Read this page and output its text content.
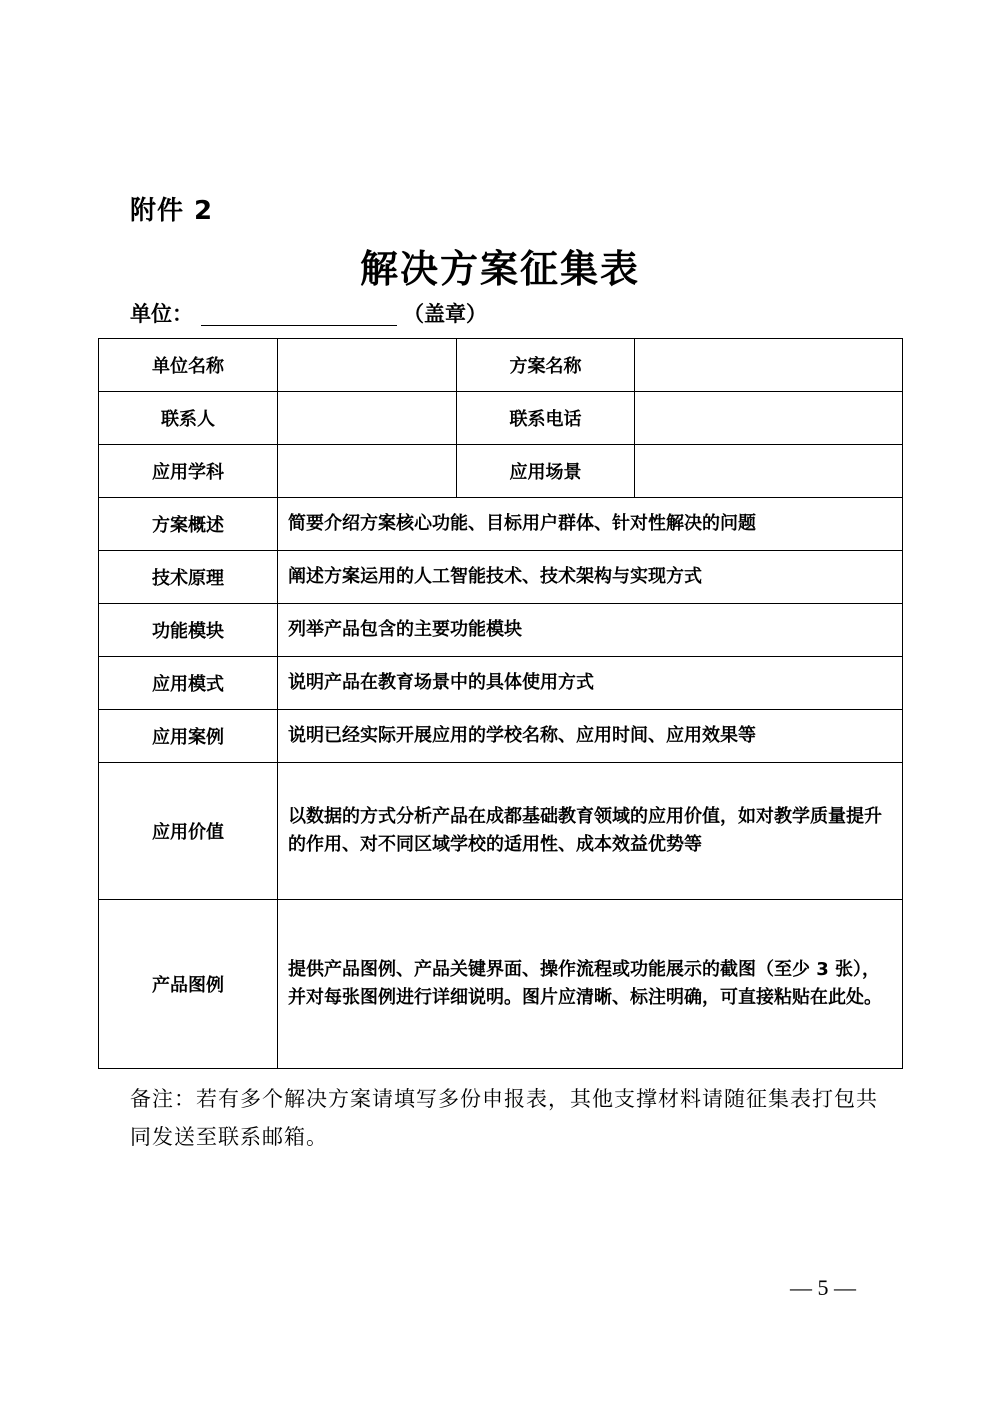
附件 2
解决方案征集表
单位：	（盖章）
单位名称		方案名称	
联系人		联系电话	
应用学科		应用场景	
方案概述	简要介绍方案核心功能、目标用户群体、针对性解决的问题		
技术原理	阐述方案运用的人工智能技术、技术架构与实现方式		
功能模块	列举产品包含的主要功能模块		
应用模式	说明产品在教育场景中的具体使用方式		
应用案例	说明已经实际开展应用的学校名称、应用时间、应用效果等		
应用价值	以数据的方式分析产品在成都基础教育领域的应用价值，如对教学质量提升的作用、对不同区域学校的适用性、成本效益优势等		
产品图例	提供产品图例、产品关键界面、操作流程或功能展示的截图（至少 3 张），并对每张图例进行详细说明。图片应清晰、标注明确，可直接粘贴在此处。		
备注：若有多个解决方案请填写多份申报表，其他支撑材料请随征集表打包共同发送至联系邮箱。
— 5 —
